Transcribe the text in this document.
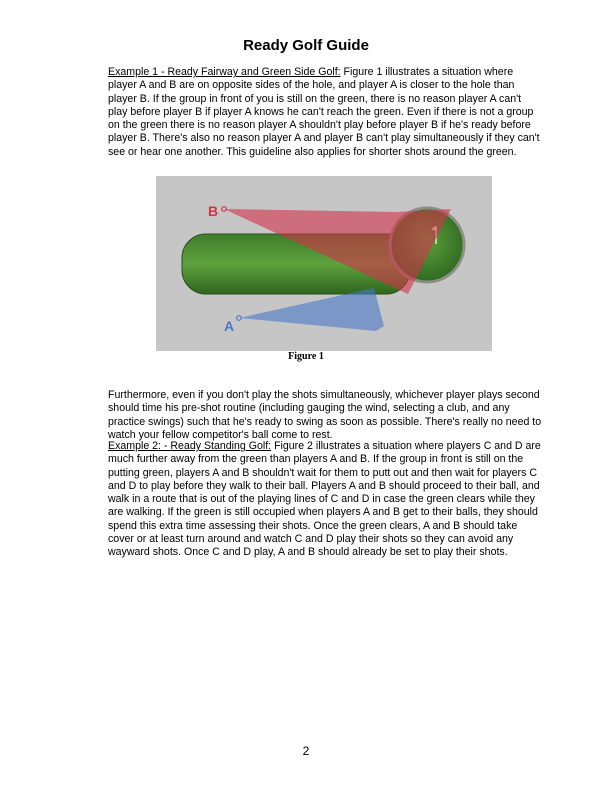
Ready Golf Guide

Example 1 - Ready Fairway and Green Side Golf: Figure 1 illustrates a situation where player A and B are on opposite sides of the hole, and player A is closer to the hole than player B. If the group in front of you is still on the green, there is no reason player A can't play before player B if player A knows he can't reach the green. Even if there is not a group on the green there is no reason player A shouldn't play before player B if he's ready before player B. There's also no reason player A and player B can't play simultaneously if they can't see or hear one another. This guideline also applies for shorter shots around the green.

B
A
Figure 1

Furthermore, even if you don't play the shots simultaneously, whichever player plays second should time his pre-shot routine (including gauging the wind, selecting a club, and any practice swings) such that he's ready to swing as soon as possible. There's really no need to watch your fellow competitor's ball come to rest.

Example 2: - Ready Standing Golf: Figure 2 illustrates a situation where players C and D are much further away from the green than players A and B. If the group in front is still on the putting green, players A and B shouldn't wait for them to putt out and then wait for players C and D to play before they walk to their ball. Players A and B should proceed to their ball, and walk in a route that is out of the playing lines of C and D in case the green clears while they are walking. If the green is still occupied when players A and B get to their balls, they should spend this extra time assessing their shots. Once the green clears, A and B should take cover or at least turn around and watch C and D play their shots so they can avoid any wayward shots. Once C and D play, A and B should already be set to play their shots.

2
